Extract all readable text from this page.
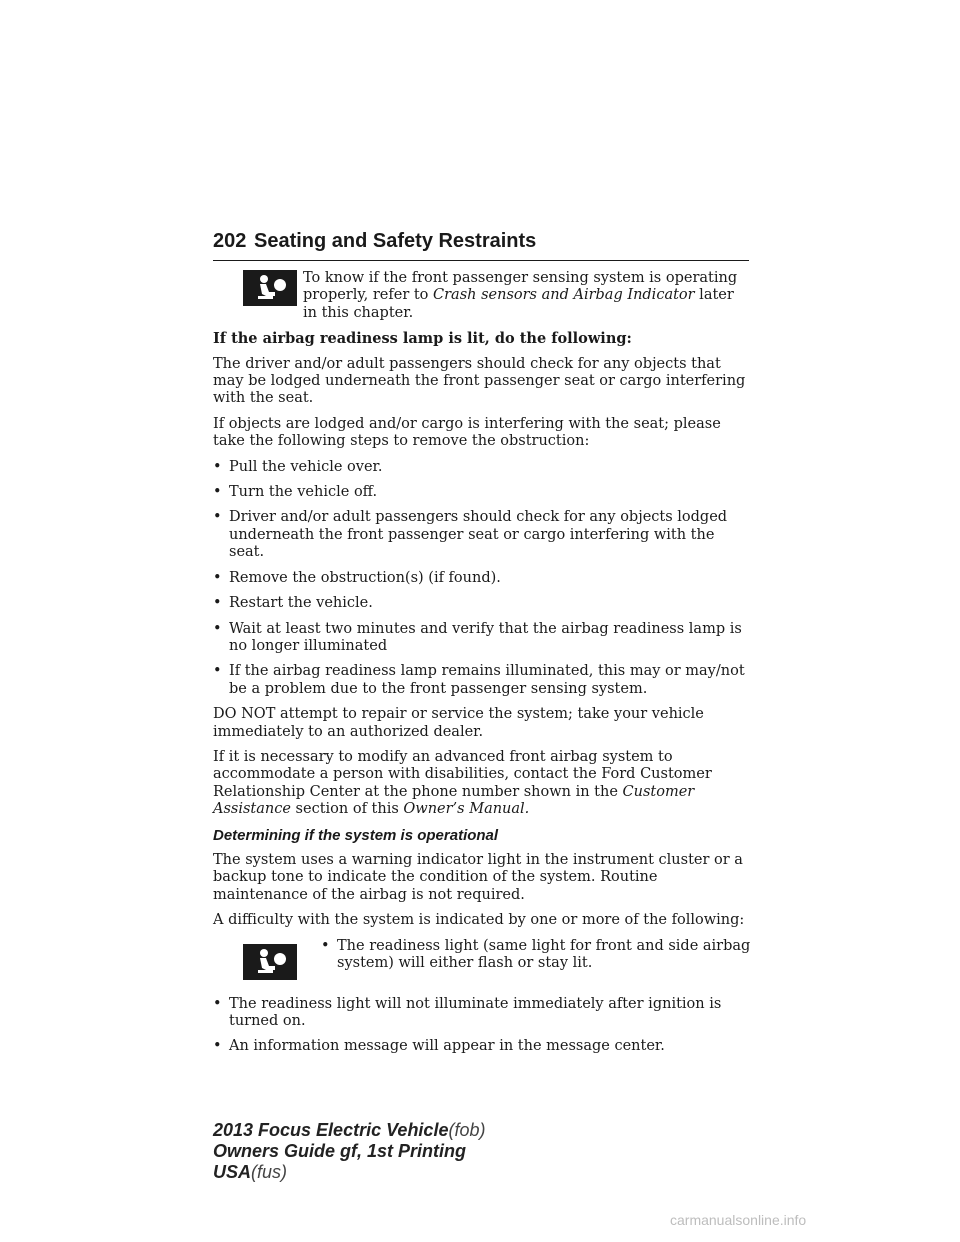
202 Seating and Safety Restraints
To know if the front passenger sensing system is operating properly, refer to Crash sensors and Airbag Indicator later in this chapter.

If the airbag readiness lamp is lit, do the following:

The driver and/or adult passengers should check for any objects that may be lodged underneath the front passenger seat or cargo interfering with the seat.

If objects are lodged and/or cargo is interfering with the seat; please take the following steps to remove the obstruction:

• Pull the vehicle over.
• Turn the vehicle off.
• Driver and/or adult passengers should check for any objects lodged underneath the front passenger seat or cargo interfering with the seat.
• Remove the obstruction(s) (if found).
• Restart the vehicle.
• Wait at least two minutes and verify that the airbag readiness lamp is no longer illuminated
• If the airbag readiness lamp remains illuminated, this may or may/not be a problem due to the front passenger sensing system.

DO NOT attempt to repair or service the system; take your vehicle immediately to an authorized dealer.

If it is necessary to modify an advanced front airbag system to accommodate a person with disabilities, contact the Ford Customer Relationship Center at the phone number shown in the Customer Assistance section of this Owner’s Manual.

Determining if the system is operational

The system uses a warning indicator light in the instrument cluster or a backup tone to indicate the condition of the system. Routine maintenance of the airbag is not required.

A difficulty with the system is indicated by one or more of the following:

• The readiness light (same light for front and side airbag system) will either flash or stay lit.
• The readiness light will not illuminate immediately after ignition is turned on.
• An information message will appear in the message center.
2013 Focus Electric Vehicle(fob)
Owners Guide gf, 1st Printing
USA(fus)
carmanualsonline.info
